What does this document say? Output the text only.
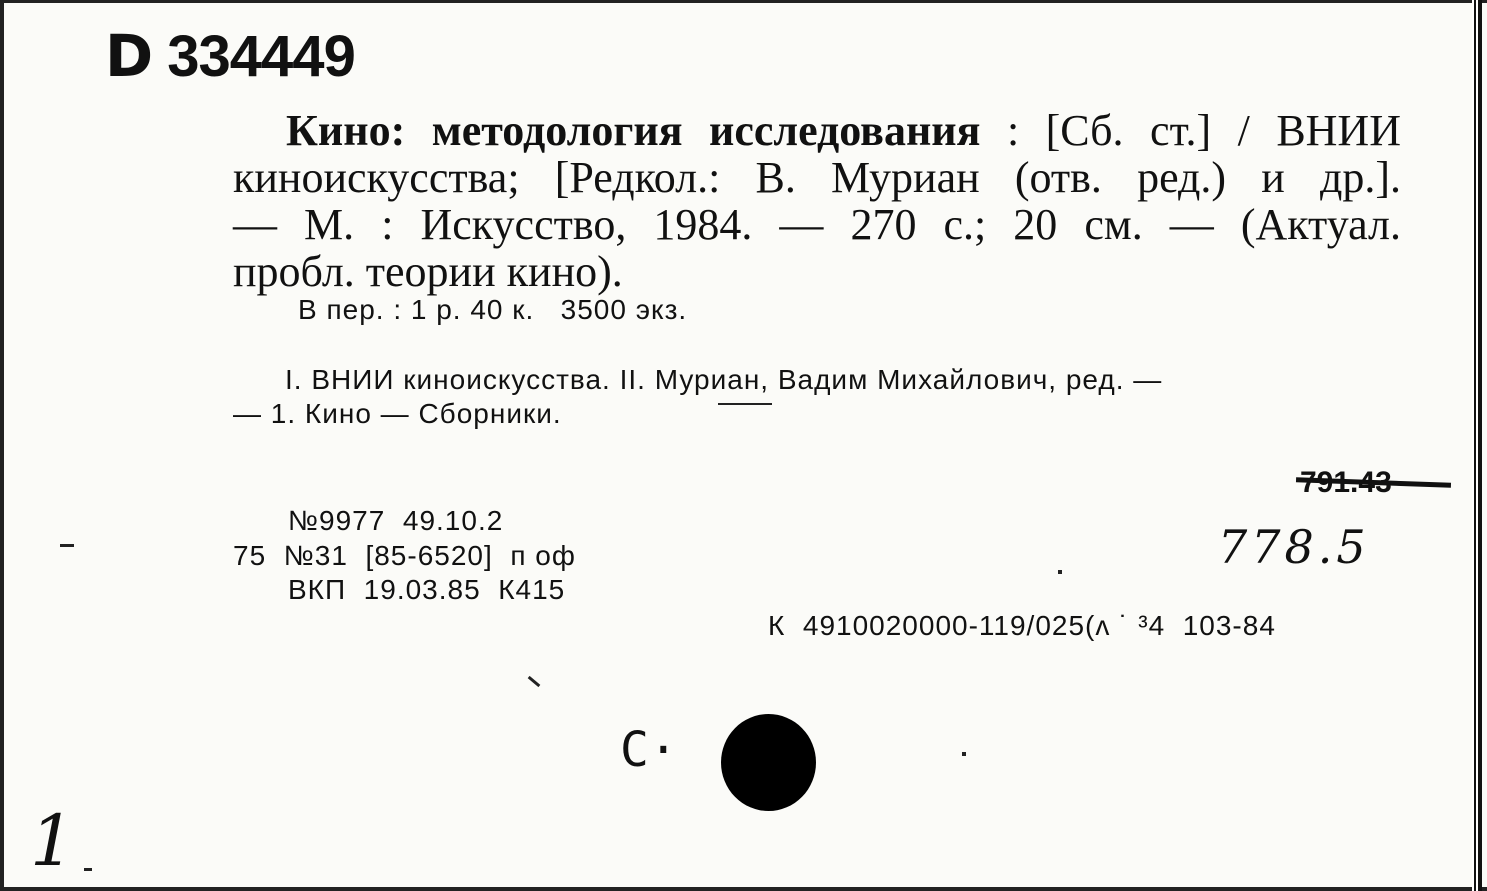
D 334449
Кино: методология исследования : [Сб. ст.] / ВНИИ
киноискусства; [Редкол.: В. Муриан (отв. ред.) и др.].
— М. : Искусство, 1984. — 270 с.; 20 см. — (Актуал.
пробл. теории кино).
В пер. : 1 р. 40 к.   3500 экз.
I. ВНИИ киноискусства. II. Муриан, Вадим Михайлович, ред. —
— 1. Кино — Сборники.
778.5
№9977  49.10.2
75 №31  [85-6520]  п оф
ВКП  19.03.85  К415
К  4910020000-119/025(ʌ ˙ ³4  103-84
С·
1
